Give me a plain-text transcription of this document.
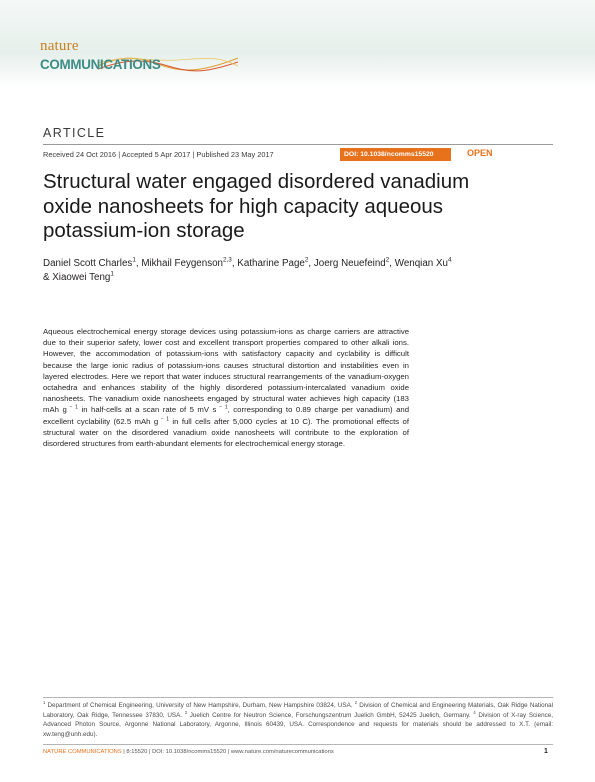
nature
COMMUNICATIONS
ARTICLE
Received 24 Oct 2016 | Accepted 5 Apr 2017 | Published 23 May 2017	DOI: 10.1038/ncomms15520	OPEN
Structural water engaged disordered vanadium oxide nanosheets for high capacity aqueous potassium-ion storage
Daniel Scott Charles$^1$, Mikhail Feygenson$^{2,3}$, Katharine Page$^2$, Joerg Neuefeind$^2$, Wenqian Xu$^4$
& Xiaowei Teng$^1$
Aqueous electrochemical energy storage devices using potassium-ions as charge carriers are attractive due to their superior safety, lower cost and excellent transport properties compared to other alkali ions. However, the accommodation of potassium-ions with satisfactory capacity and cyclability is difficult because the large ionic radius of potassium-ions causes structural distortion and instabilities even in layered electrodes. Here we report that water induces structural rearrangements of the vanadium-oxygen octahedra and enhances stability of the highly disordered potassium-intercalated vanadium oxide nanosheets. The vanadium oxide nanosheets engaged by structural water achieves high capacity (183 mAh g $^{- 1}$ in half-cells at a scan rate of 5 mV s $^{- 1}$, corresponding to 0.89 charge per vanadium) and excellent cyclability (62.5 mAh g $^{- 1}$ in full cells after 5,000 cycles at 10 C). The promotional effects of structural water on the disordered vanadium oxide nanosheets will contribute to the exploration of disordered structures from earth-abundant elements for electrochemical energy storage.
$^1$ Department of Chemical Engineering, University of New Hampshire, Durham, New Hampshire 03824, USA. $^2$ Division of Chemical and Engineering Materials, Oak Ridge National Laboratory, Oak Ridge, Tennessee 37830, USA. $^3$ Juelich Centre for Neutron Science, Forschungszentrum Juelich GmbH, 52425 Juelich, Germany. $^4$ Division of X-ray Science, Advanced Photon Source, Argonne National Laboratory, Argonne, Illinois 60439, USA. Correspondence and requests for materials should be addressed to X.T. (email: xw.teng@unh.edu).
NATURE COMMUNICATIONS | 8:15520 | DOI: 10.1038/ncomms15520 | www.nature.com/naturecommunications	1
